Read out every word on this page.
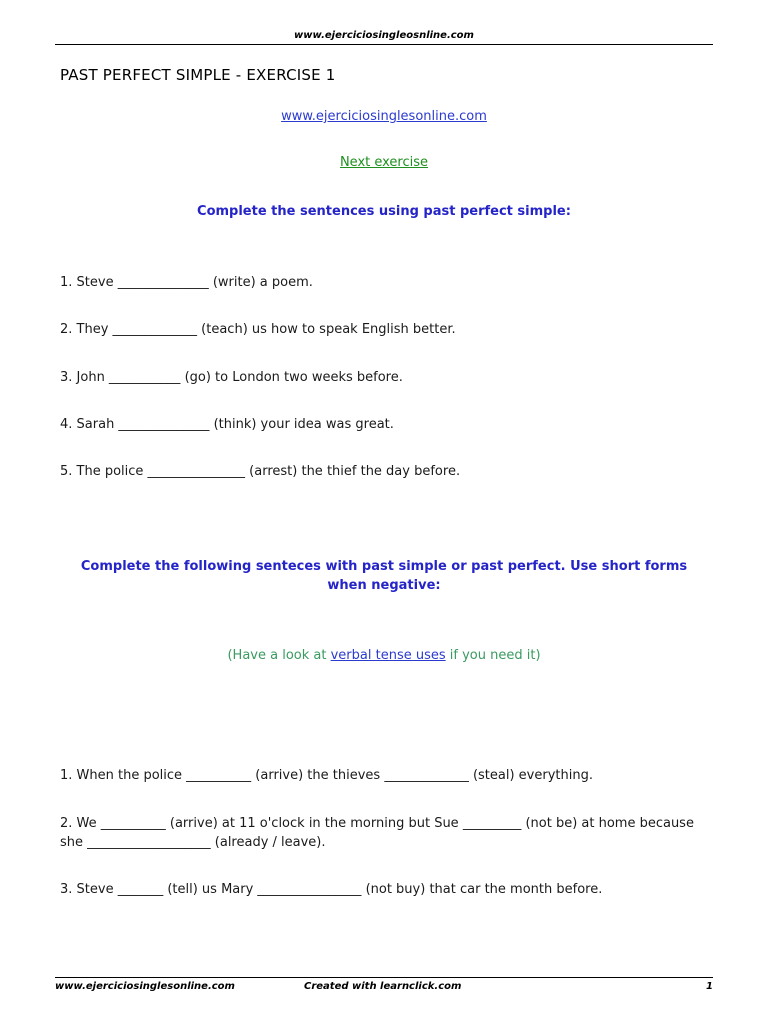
www.ejerciciosingleosnline.com
PAST PERFECT SIMPLE - EXERCISE 1
www.ejerciciosinglesonline.com
Next exercise
Complete the sentences using past perfect simple:
1. Steve ______________ (write) a poem.
2. They _____________ (teach) us how to speak English better.
3. John ___________ (go) to London two weeks before.
4. Sarah ______________ (think) your idea was great.
5. The police _______________ (arrest) the thief the day before.
Complete the following senteces with past simple or past perfect. Use short forms when negative:
(Have a look at verbal tense uses if you need it)
1. When the police __________ (arrive) the thieves _____________ (steal) everything.
2. We __________ (arrive) at 11 o'clock in the morning but Sue _________ (not be) at home because she ___________________ (already / leave).
3. Steve _______ (tell) us Mary ________________ (not buy) that car the month before.
www.ejerciciosinglesonline.com	Created with learnclick.com	1
